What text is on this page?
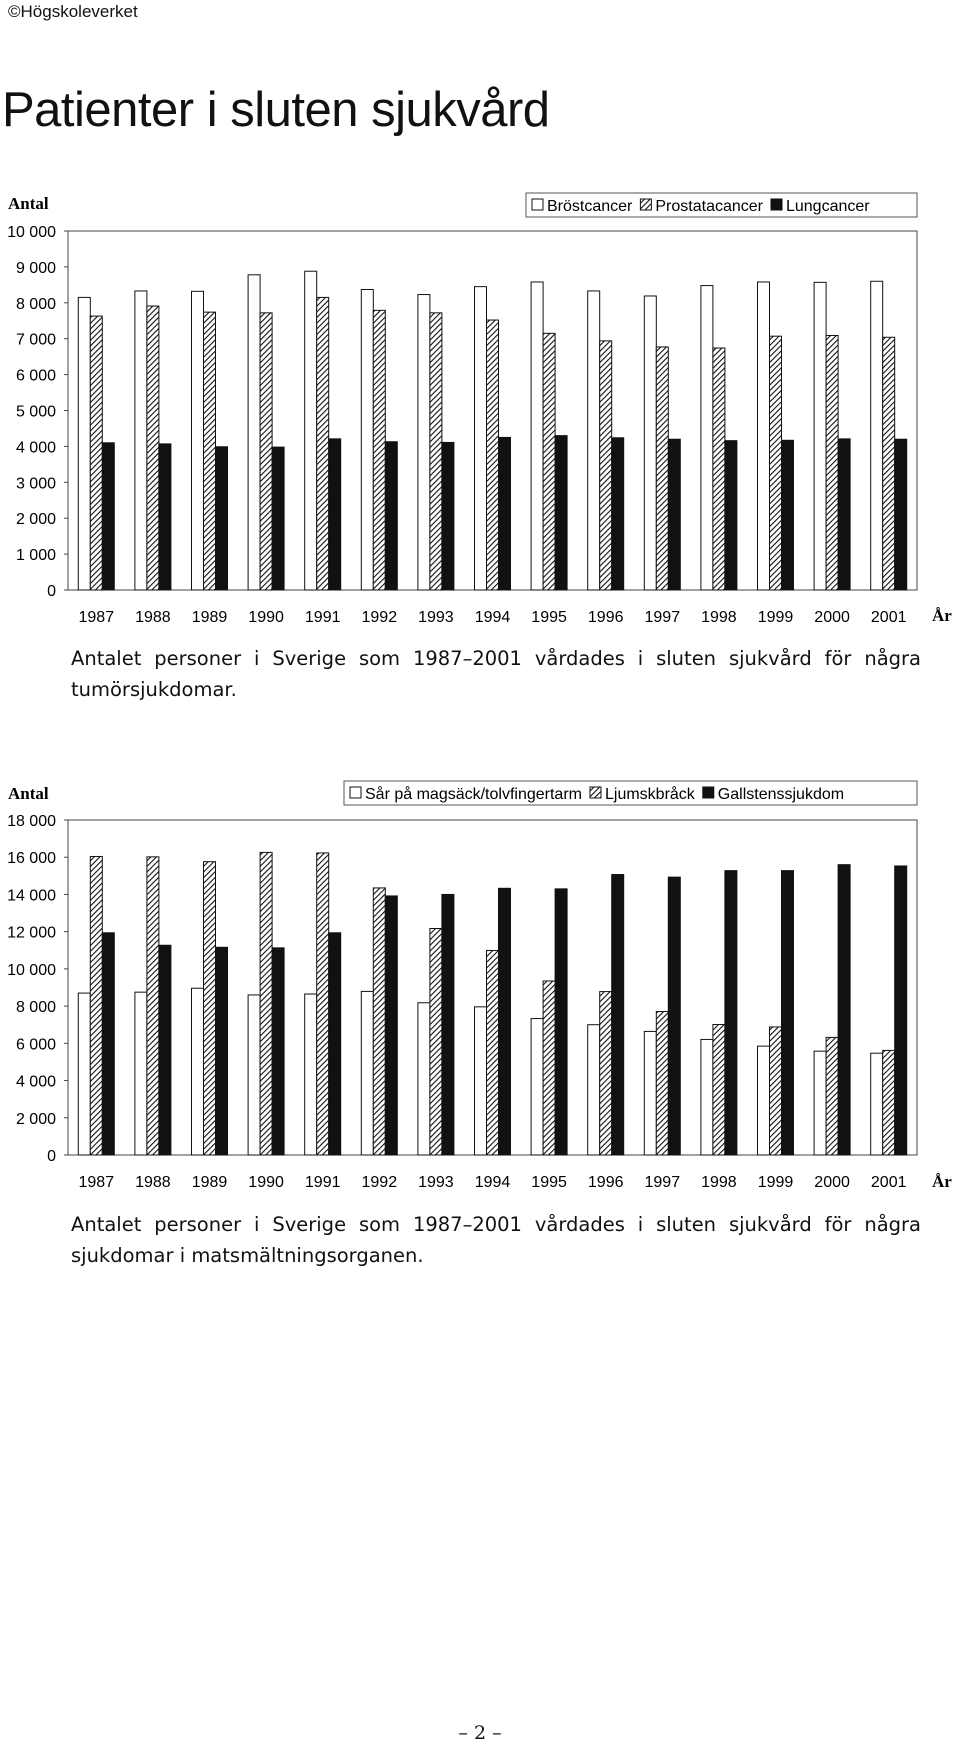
©Högskoleverket
Patienter i sluten sjukvård
Antal
0
1 000
2 000
3 000
4 000
5 000
6 000
7 000
8 000
9 000
10 000
1987 1988 1989 1990 1991 1992 1993 1994 1995 1996 1997 1998 1999 2000 2001 År
Bröstcancer Prostatacancer Lungcancer

Antalet personer i Sverige som 1987–2001 vårdades i sluten sjukvård för några tumörsjukdomar.

Antal
0
2 000
4 000
6 000
8 000
10 000
12 000
14 000
16 000
18 000
1987 1988 1989 1990 1991 1992 1993 1994 1995 1996 1997 1998 1999 2000 2001 År
Sår på magsäck/tolvfingertarm Ljumskbråck Gallstenssjukdom

Antalet personer i Sverige som 1987–2001 vårdades i sluten sjukvård för några sjukdomar i matsmältningsorganen.

– 2 –
